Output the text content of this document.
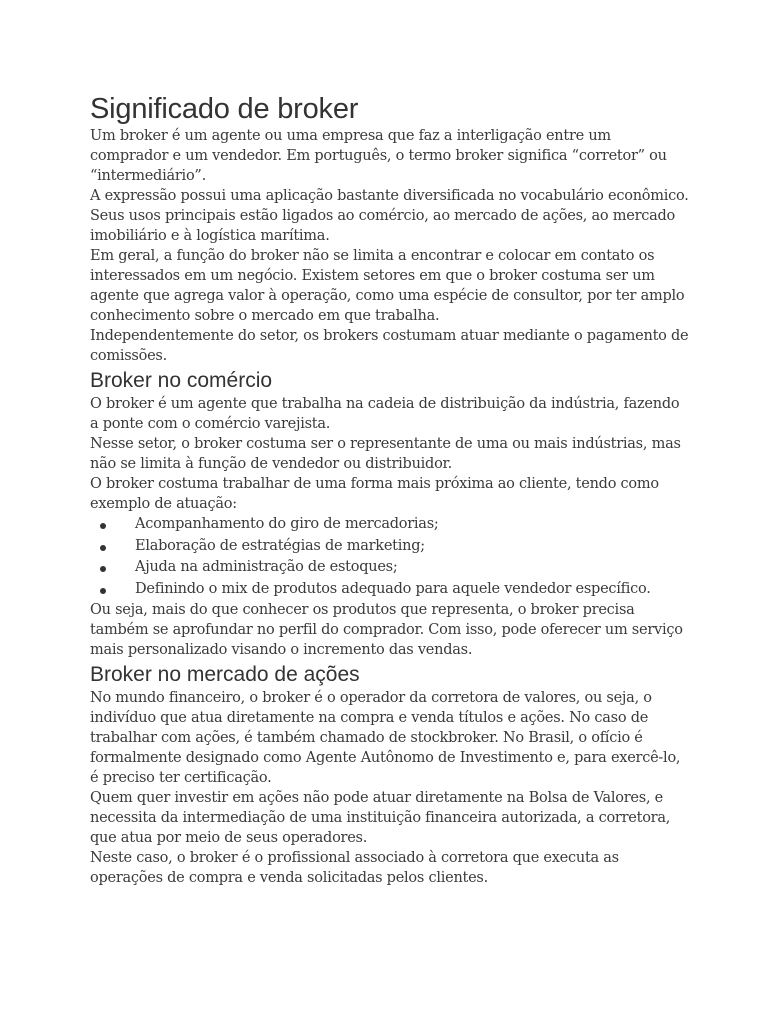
Significado de broker

Um broker é um agente ou uma empresa que faz a interligação entre um comprador e um vendedor. Em português, o termo broker significa “corretor” ou “intermediário”.

A expressão possui uma aplicação bastante diversificada no vocabulário econômico. Seus usos principais estão ligados ao comércio, ao mercado de ações, ao mercado imobiliário e à logística marítima.

Em geral, a função do broker não se limita a encontrar e colocar em contato os interessados em um negócio. Existem setores em que o broker costuma ser um agente que agrega valor à operação, como uma espécie de consultor, por ter amplo conhecimento sobre o mercado em que trabalha.

Independentemente do setor, os brokers costumam atuar mediante o pagamento de comissões.

Broker no comércio

O broker é um agente que trabalha na cadeia de distribuição da indústria, fazendo a ponte com o comércio varejista.

Nesse setor, o broker costuma ser o representante de uma ou mais indústrias, mas não se limita à função de vendedor ou distribuidor.

O broker costuma trabalhar de uma forma mais próxima ao cliente, tendo como exemplo de atuação:

Acompanhamento do giro de mercadorias;
Elaboração de estratégias de marketing;
Ajuda na administração de estoques;
Definindo o mix de produtos adequado para aquele vendedor específico.

Ou seja, mais do que conhecer os produtos que representa, o broker precisa também se aprofundar no perfil do comprador. Com isso, pode oferecer um serviço mais personalizado visando o incremento das vendas.

Broker no mercado de ações

No mundo financeiro, o broker é o operador da corretora de valores, ou seja, o indivíduo que atua diretamente na compra e venda títulos e ações. No caso de trabalhar com ações, é também chamado de stockbroker. No Brasil, o ofício é formalmente designado como Agente Autônomo de Investimento e, para exercê-lo, é preciso ter certificação.

Quem quer investir em ações não pode atuar diretamente na Bolsa de Valores, e necessita da intermediação de uma instituição financeira autorizada, a corretora, que atua por meio de seus operadores.

Neste caso, o broker é o profissional associado à corretora que executa as operações de compra e venda solicitadas pelos clientes.
